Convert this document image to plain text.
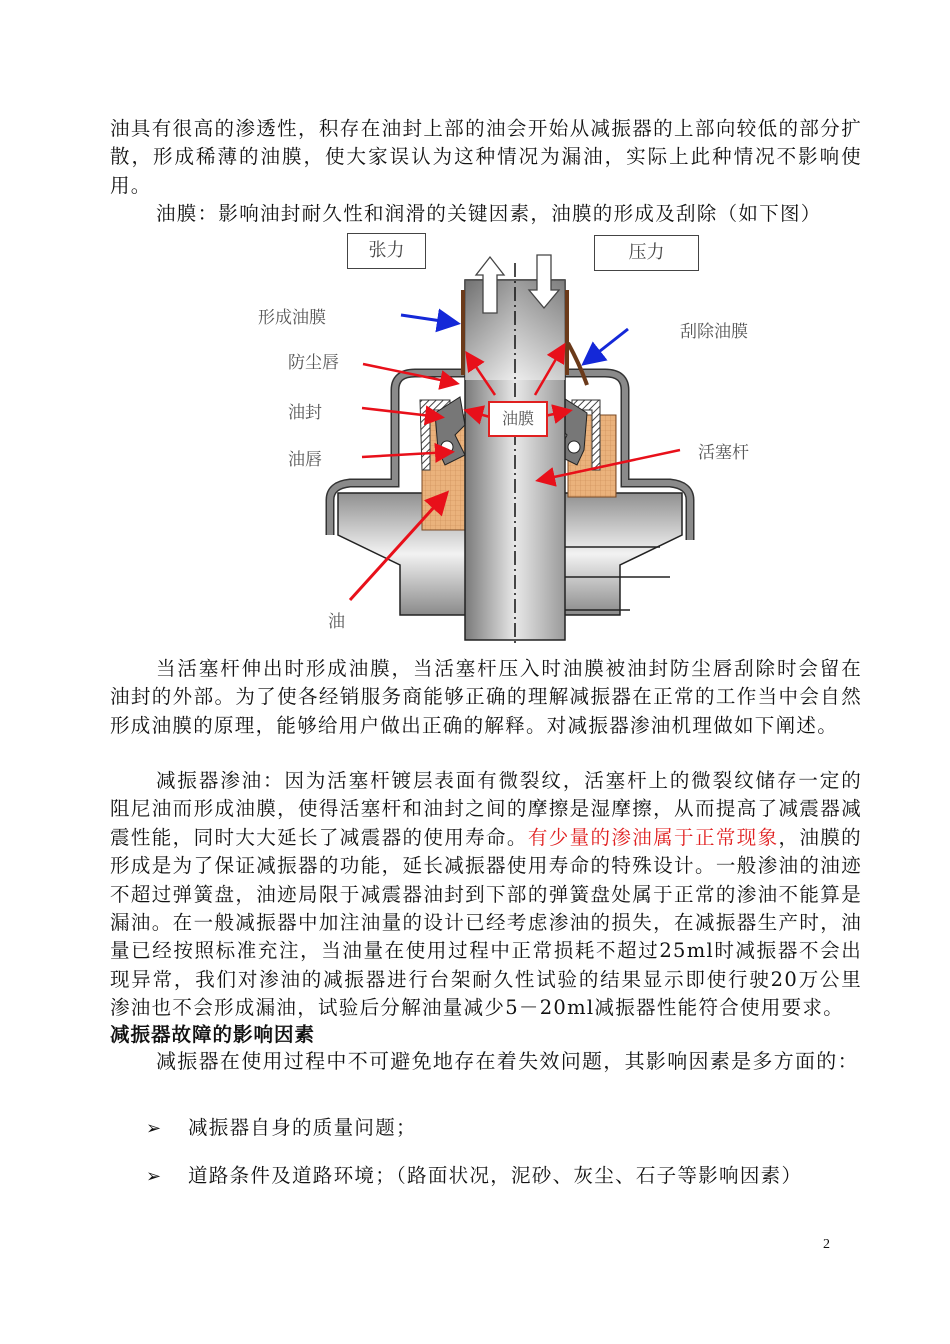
油具有很高的渗透性，积存在油封上部的油会开始从减振器的上部向较低的部分扩散，形成稀薄的油膜，使大家误认为这种情况为漏油，实际上此种情况不影响使用。

油膜：影响油封耐久性和润滑的关键因素，油膜的形成及刮除（如下图）

张力	压力
油膜
形成油膜
刮除油膜
防尘唇
油封
油唇	活塞杆
油

当活塞杆伸出时形成油膜，当活塞杆压入时油膜被油封防尘唇刮除时会留在油封的外部。为了使各经销服务商能够正确的理解减振器在正常的工作当中会自然形成油膜的原理，能够给用户做出正确的解释。对减振器渗油机理做如下阐述。

减振器渗油：因为活塞杆镀层表面有微裂纹，活塞杆上的微裂纹储存一定的阻尼油而形成油膜，使得活塞杆和油封之间的摩擦是湿摩擦，从而提高了减震器减震性能，同时大大延长了减震器的使用寿命。有少量的渗油属于正常现象，油膜的形成是为了保证减振器的功能，延长减振器使用寿命的特殊设计。一般渗油的油迹不超过弹簧盘，油迹局限于减震器油封到下部的弹簧盘处属于正常的渗油不能算是漏油。在一般减振器中加注油量的设计已经考虑渗油的损失，在减振器生产时，油量已经按照标准充注，当油量在使用过程中正常损耗不超过25ml时减振器不会出现异常，我们对渗油的减振器进行台架耐久性试验的结果显示即使行驶20万公里渗油也不会形成漏油，试验后分解油量减少5－20ml减振器性能符合使用要求。

减振器故障的影响因素

减振器在使用过程中不可避免地存在着失效问题，其影响因素是多方面的：

➢ 减振器自身的质量问题；
➢ 道路条件及道路环境；（路面状况，泥砂、灰尘、石子等影响因素）
2
